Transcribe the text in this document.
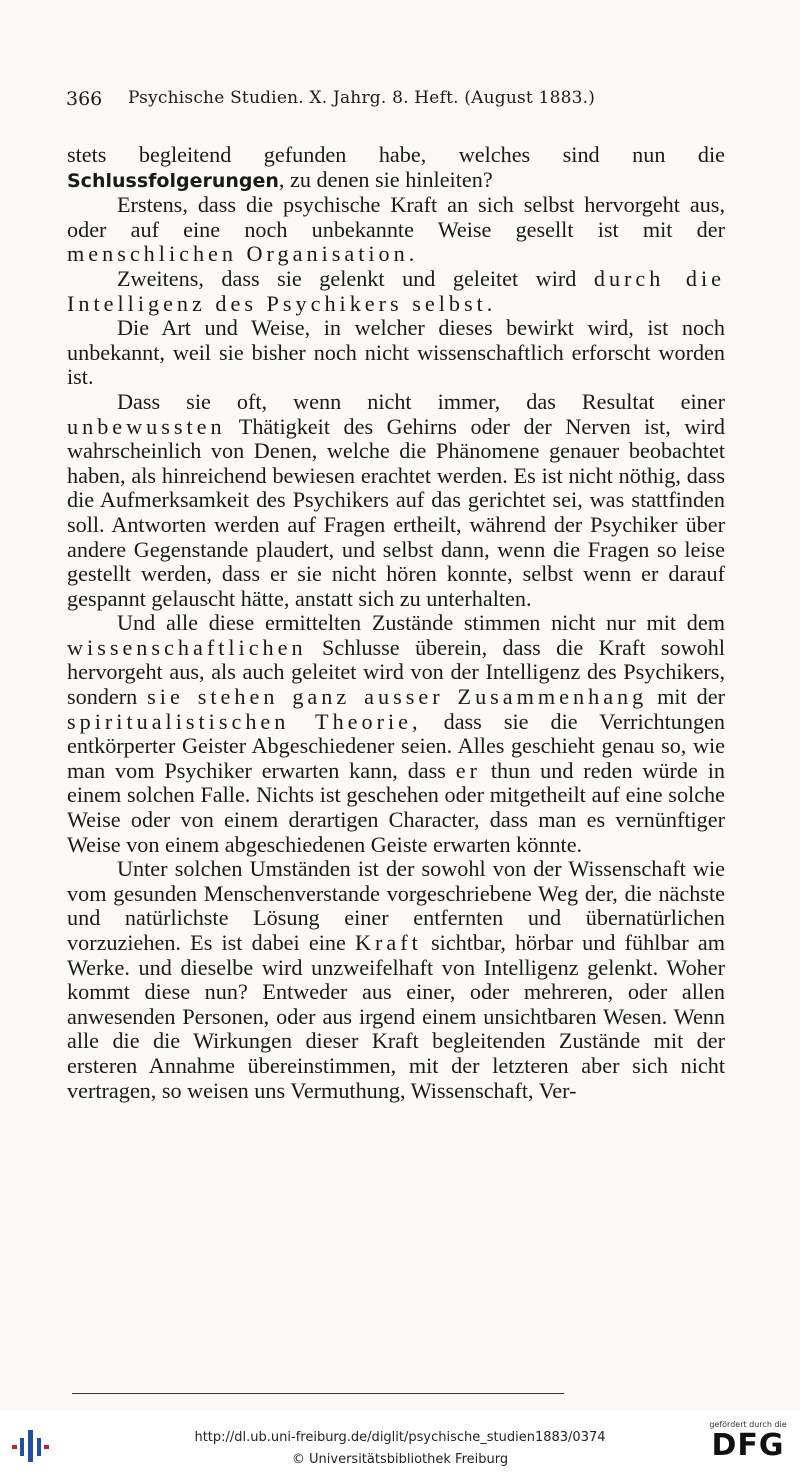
366	Psychische Studien. X. Jahrg. 8. Heft. (August 1883.)

stets begleitend gefunden habe, welches sind nun die Schlussfolgerungen, zu denen sie hinleiten?

Erstens, dass die psychische Kraft an sich selbst hervorgeht aus, oder auf eine noch unbekannte Weise gesellt ist mit der menschlichen Organisation.

Zweitens, dass sie gelenkt und geleitet wird durch die Intelligenz des Psychikers selbst.

Die Art und Weise, in welcher dieses bewirkt wird, ist noch unbekannt, weil sie bisher noch nicht wissenschaftlich erforscht worden ist.

Dass sie oft, wenn nicht immer, das Resultat einer unbewussten Thätigkeit des Gehirns oder der Nerven ist, wird wahrscheinlich von Denen, welche die Phänomene genauer beobachtet haben, als hinreichend bewiesen erachtet werden. Es ist nicht nöthig, dass die Aufmerksamkeit des Psychikers auf das gerichtet sei, was stattfinden soll. Antworten werden auf Fragen ertheilt, während der Psychiker über andere Gegenstande plaudert, und selbst dann, wenn die Fragen so leise gestellt werden, dass er sie nicht hören konnte, selbst wenn er darauf gespannt gelauscht hätte, anstatt sich zu unterhalten.

Und alle diese ermittelten Zustände stimmen nicht nur mit dem wissenschaftlichen Schlusse überein, dass die Kraft sowohl hervorgeht aus, als auch geleitet wird von der Intelligenz des Psychikers, sondern sie stehen ganz ausser Zusammenhang mit der spiritualistischen Theorie, dass sie die Verrichtungen entkörperter Geister Abgeschiedener seien. Alles geschieht genau so, wie man vom Psychiker erwarten kann, dass er thun und reden würde in einem solchen Falle. Nichts ist geschehen oder mitgetheilt auf eine solche Weise oder von einem derartigen Character, dass man es vernünftiger Weise von einem abgeschiedenen Geiste erwarten könnte.

Unter solchen Umständen ist der sowohl von der Wissenschaft wie vom gesunden Menschenverstande vorgeschriebene Weg der, die nächste und natürlichste Lösung einer entfernten und übernatürlichen vorzuziehen. Es ist dabei eine Kraft sichtbar, hörbar und fühlbar am Werke. und dieselbe wird unzweifelhaft von Intelligenz gelenkt. Woher kommt diese nun? Entweder aus einer, oder mehreren, oder allen anwesenden Personen, oder aus irgend einem unsichtbaren Wesen. Wenn alle die die Wirkungen dieser Kraft begleitenden Zustände mit der ersteren Annahme übereinstimmen, mit der letzteren aber sich nicht vertragen, so weisen uns Vermuthung, Wissenschaft, Ver-

http://dl.ub.uni-freiburg.de/diglit/psychische_studien1883/0374
© Universitätsbibliothek Freiburg
gefördert durch die
DFG
